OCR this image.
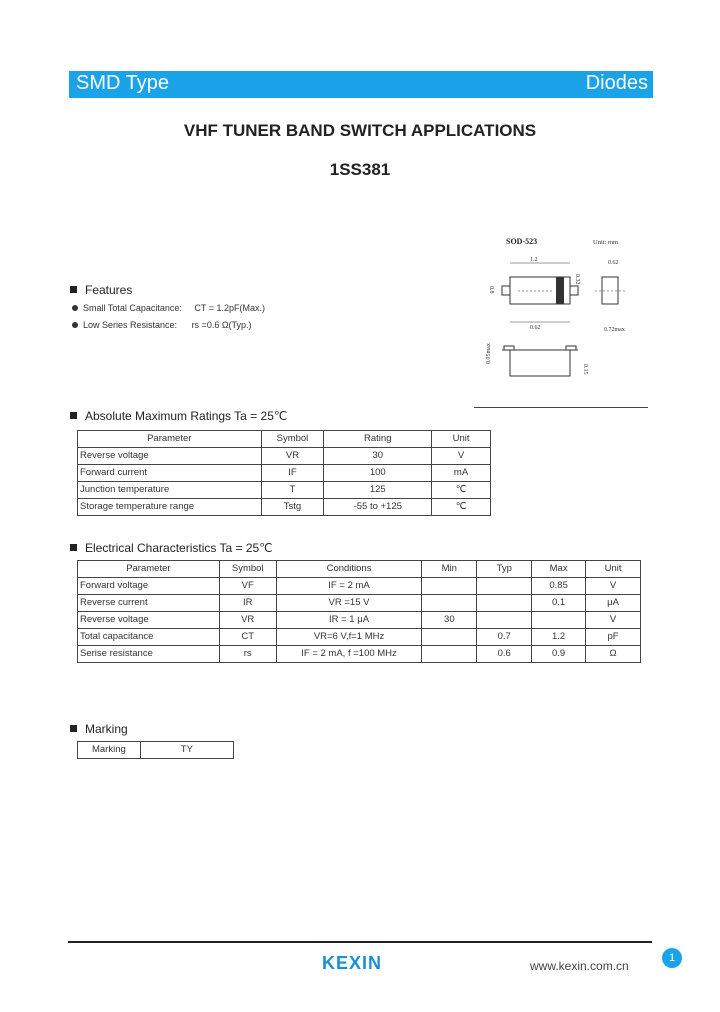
SMD Type	Diodes
VHF TUNER BAND SWITCH APPLICATIONS
1SS381
SOD-523	Unit: mm
1.2
0.32
0.62
0.8
0.62
0.72max
0.05max
0.15
Features
Small Total Capacitance: CT = 1.2pF(Max.)
Low Series Resistance: rs =0.6 Ω(Typ.)
Absolute Maximum Ratings Ta = 25℃
Parameter	Symbol	Rating	Unit
Reverse voltage	VR	30	V
Forward current	IF	100	mA
Junction temperature	T	125	℃
Storage temperature range	Tstg	-55 to +125	℃
Electrical Characteristics Ta = 25℃
Parameter	Symbol	Conditions	Min	Typ	Max	Unit
Forward voltage	VF	IF = 2 mA			0.85	V
Reverse current	IR	VR =15 V			0.1	μA
Reverse voltage	VR	IR = 1 μA	30			V
Total capacitance	CT	VR=6 V,f=1 MHz		0.7	1.2	pF
Serise resistance	rs	IF = 2 mA, f =100 MHz		0.6	0.9	Ω
Marking
Marking	TY
KEXIN	www.kexin.com.cn
1
